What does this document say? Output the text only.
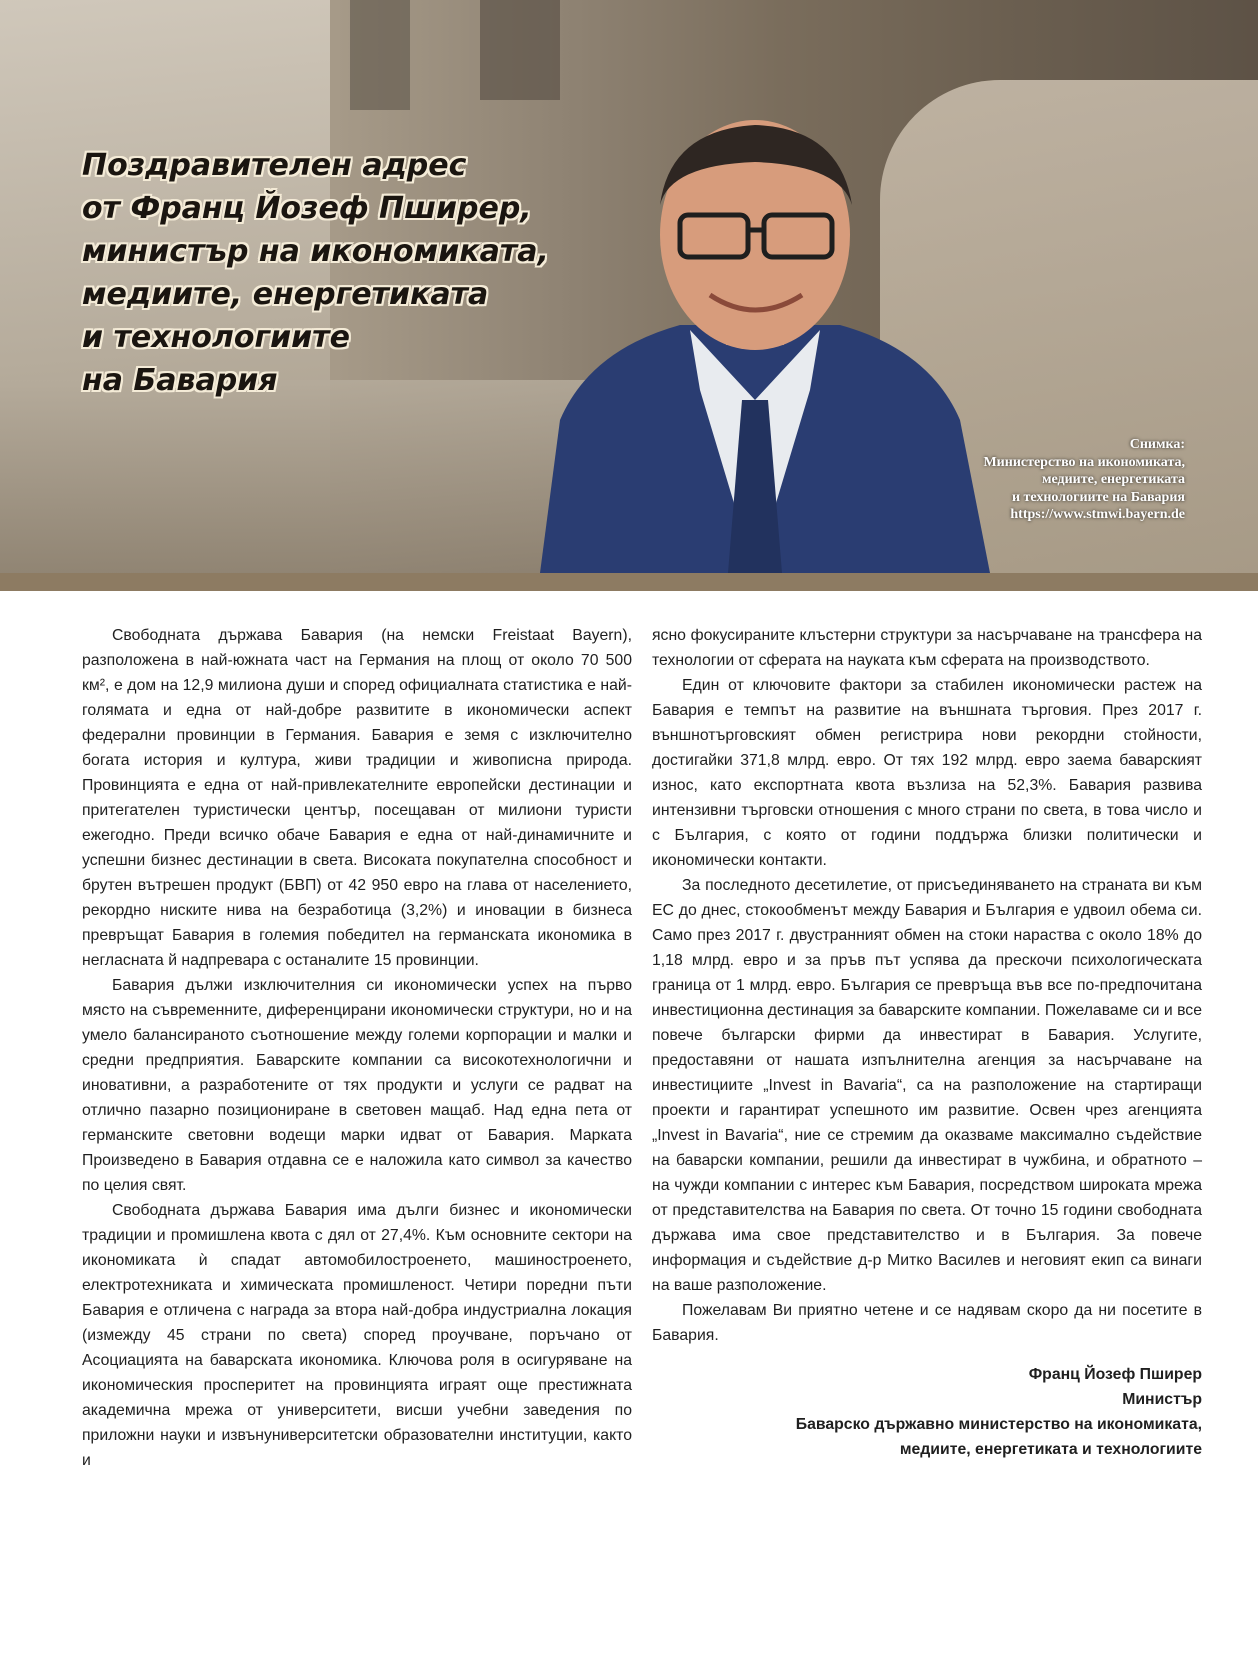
Поздравителен адрес
от Франц Йозеф Пширер,
министър на икономиката,
медиите, енергетиката
и технологиите
на Бавария
Снимка:
Министерство на икономиката,
медиите, енергетиката
и технологиите на Бавария
https://www.stmwi.bayern.de

Свободната държава Бавария (на немски Freistaat Bayern), разположена в най-южната част на Германия на площ от около 70 500 км², е дом на 12,9 милиона души и според официалната статистика е най-голямата и една от най-добре развитите в икономически аспект федерални провинции в Германия. Бавария е земя с изключително богата история и култура, живи традиции и живописна природа. Провинцията е една от най-привлекателните европейски дестинации и притегателен туристически център, посещаван от милиони туристи ежегодно. Преди всичко обаче Бавария е една от най-динамичните и успешни бизнес дестинации в света. Високата покупателна способност и брутен вътрешен продукт (БВП) от 42 950 евро на глава от населението, рекордно ниските нива на безработица (3,2%) и иновации в бизнеса превръщат Бавария в големия победител на германската икономика в негласната й надпревара с останалите 15 провинции.

Бавария дължи изключителния си икономически успех на първо място на съвременните, диференцирани икономически структури, но и на умело балансираното съотношение между големи корпорации и малки и средни предприятия. Баварските компании са високотехнологични и иновативни, а разработените от тях продукти и услуги се радват на отлично пазарно позициониране в световен мащаб. Над една пета от германските световни водещи марки идват от Бавария. Марката Произведено в Бавария отдавна се е наложила като символ за качество по целия свят.

Свободната държава Бавария има дълги бизнес и икономически традиции и промишлена квота с дял от 27,4%. Към основните сектори на икономиката ѝ спадат автомобилостроенето, машиностроенето, електротехниката и химическата промишленост. Четири поредни пъти Бавария е отличена с награда за втора най-добра индустриална локация (измежду 45 страни по света) според проучване, поръчано от Асоциацията на баварската икономика. Ключова роля в осигуряване на икономическия просперитет на провинцията играят още престижната академична мрежа от университети, висши учебни заведения по приложни науки и извънуниверситетски образователни институции, както и

ясно фокусираните клъстерни структури за насърчаване на трансфера на технологии от сферата на науката към сферата на производството.

Един от ключовите фактори за стабилен икономически растеж на Бавария е темпът на развитие на външната търговия. През 2017 г. външнотърговският обмен регистрира нови рекордни стойности, достигайки 371,8 млрд. евро. От тях 192 млрд. евро заема баварският износ, като експортната квота възлиза на 52,3%. Бавария развива интензивни търговски отношения с много страни по света, в това число и с България, с която от години поддържа близки политически и икономически контакти.

За последното десетилетие, от присъединяването на страната ви към ЕС до днес, стокообменът между Бавария и България е удвоил обема си. Само през 2017 г. двустранният обмен на стоки нараства с около 18% до 1,18 млрд. евро и за пръв път успява да прескочи психологическата граница от 1 млрд. евро. България се превръща във все по-предпочитана инвестиционна дестинация за баварските компании. Пожелаваме си и все повече български фирми да инвестират в Бавария. Услугите, предоставяни от нашата изпълнителна агенция за насърчаване на инвестициите „Invest in Bavaria“, са на разположение на стартиращи проекти и гарантират успешното им развитие. Освен чрез агенцията „Invest in Bavaria“, ние се стремим да оказваме максимално съдействие на баварски компании, решили да инвестират в чужбина, и обратното – на чужди компании с интерес към Бавария, посредством широката мрежа от представителства на Бавария по света. От точно 15 години свободната държава има свое представителство и в България. За повече информация и съдействие д-р Митко Василев и неговият екип са винаги на ваше разположение.

Пожелавам Ви приятно четене и се надявам скоро да ни посетите в Бавария.

Франц Йозеф Пширер
Министър
Баварско държавно министерство на икономиката,
медиите, енергетиката и технологиите
